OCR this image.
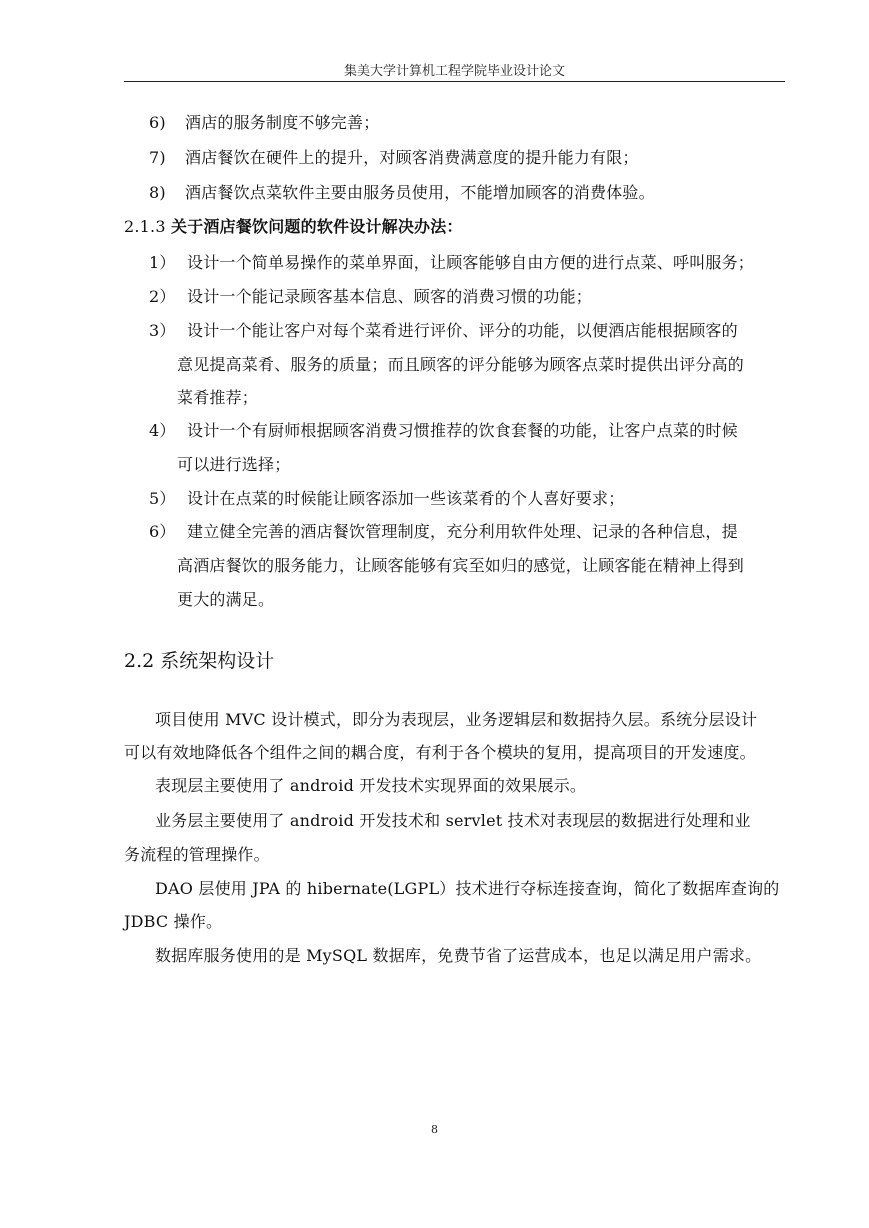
集美大学计算机工程学院毕业设计论文
6) 酒店的服务制度不够完善；
7) 酒店餐饮在硬件上的提升，对顾客消费满意度的提升能力有限；
8) 酒店餐饮点菜软件主要由服务员使用，不能增加顾客的消费体验。
2.1.3 关于酒店餐饮问题的软件设计解决办法：
1） 设计一个简单易操作的菜单界面，让顾客能够自由方便的进行点菜、呼叫服务；
2） 设计一个能记录顾客基本信息、顾客的消费习惯的功能；
3） 设计一个能让客户对每个菜肴进行评价、评分的功能，以便酒店能根据顾客的
意见提高菜肴、服务的质量；而且顾客的评分能够为顾客点菜时提供出评分高的
菜肴推荐；
4） 设计一个有厨师根据顾客消费习惯推荐的饮食套餐的功能，让客户点菜的时候
可以进行选择；
5） 设计在点菜的时候能让顾客添加一些该菜肴的个人喜好要求；
6） 建立健全完善的酒店餐饮管理制度，充分利用软件处理、记录的各种信息，提
高酒店餐饮的服务能力，让顾客能够有宾至如归的感觉，让顾客能在精神上得到
更大的满足。
2.2 系统架构设计
项目使用 MVC 设计模式，即分为表现层，业务逻辑层和数据持久层。系统分层设计
可以有效地降低各个组件之间的耦合度，有利于各个模块的复用，提高项目的开发速度。
表现层主要使用了 android 开发技术实现界面的效果展示。
业务层主要使用了 android 开发技术和 servlet 技术对表现层的数据进行处理和业
务流程的管理操作。
DAO 层使用 JPA 的 hibernate(LGPL）技术进行夺标连接查询，简化了数据库查询的
JDBC 操作。
数据库服务使用的是 MySQL 数据库，免费节省了运营成本，也足以满足用户需求。
8
